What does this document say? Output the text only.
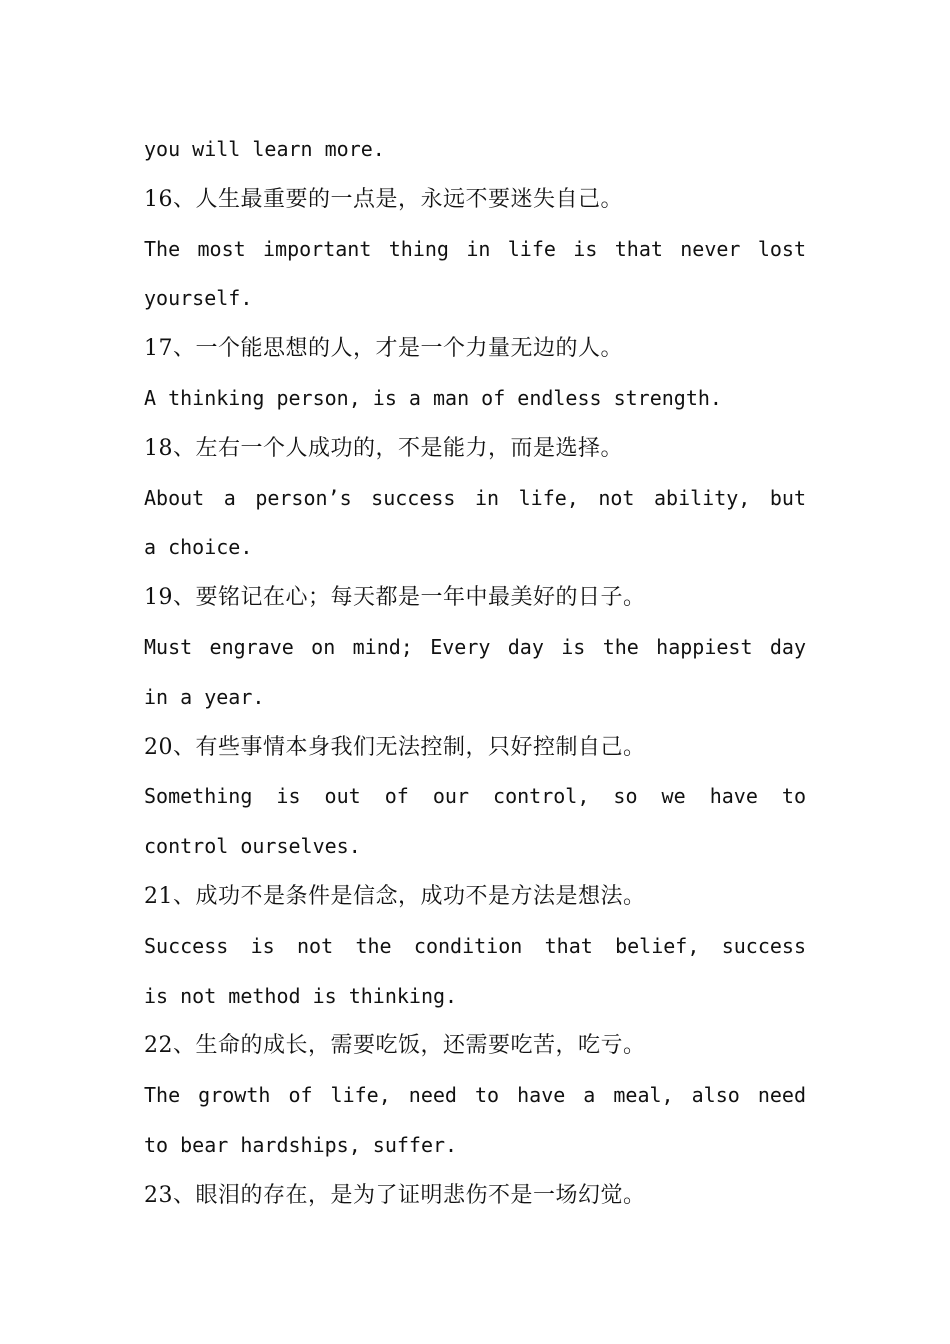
you will learn more.
16、人生最重要的一点是，永远不要迷失自己。
The most important thing in life is that never lost
yourself.
17、一个能思想的人，才是一个力量无边的人。
A thinking person, is a man of endless strength.
18、左右一个人成功的，不是能力，而是选择。
About a person’s success in life, not ability, but
a choice.
19、要铭记在心；每天都是一年中最美好的日子。
Must engrave on mind; Every day is the happiest day
in a year.
20、有些事情本身我们无法控制，只好控制自己。
Something is out of our control, so we have to
control ourselves.
21、成功不是条件是信念，成功不是方法是想法。
Success is not the condition that belief, success
is not method is thinking.
22、生命的成长，需要吃饭，还需要吃苦，吃亏。
The growth of life, need to have a meal, also need
to bear hardships, suffer.
23、眼泪的存在，是为了证明悲伤不是一场幻觉。
